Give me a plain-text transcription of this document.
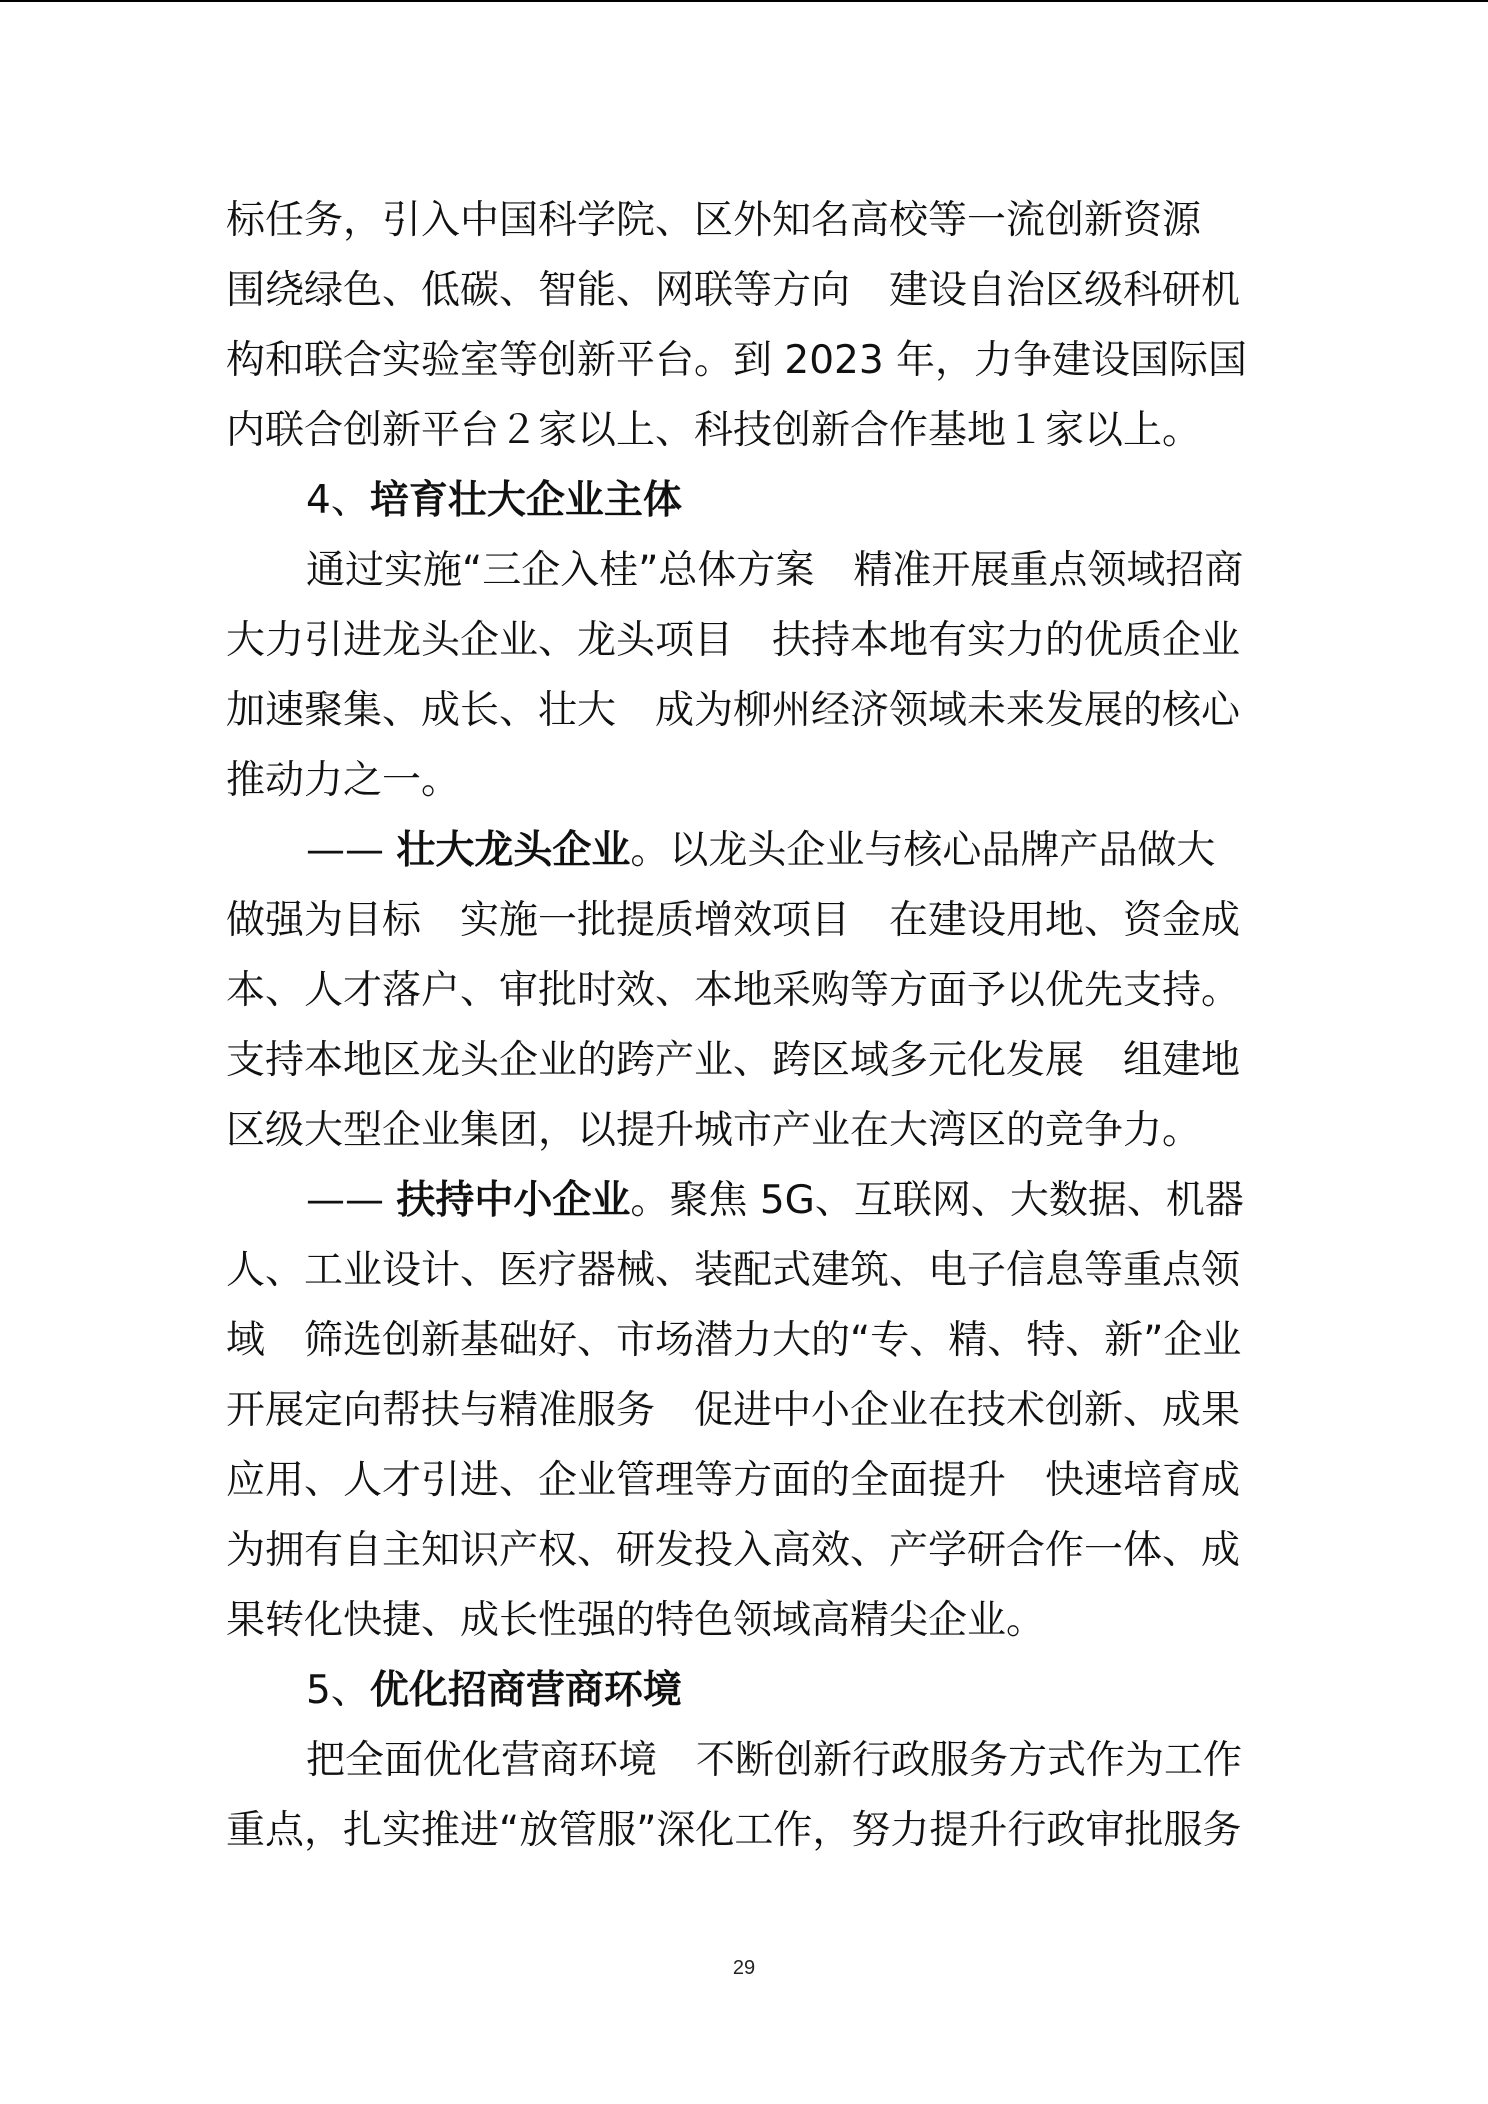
标任务，引入中国科学院、区外知名高校等一流创新资源
围绕绿色、低碳、智能、网联等方向　建设自治区级科研机
构和联合实验室等创新平台。到 2023 年，力争建设国际国
内联合创新平台２家以上、科技创新合作基地１家以上。
4、培育壮大企业主体
通过实施“三企入桂”总体方案　精准开展重点领域招商
大力引进龙头企业、龙头项目　扶持本地有实力的优质企业
加速聚集、成长、壮大　成为柳州经济领域未来发展的核心
推动力之一。
—— 壮大龙头企业。以龙头企业与核心品牌产品做大
做强为目标　实施一批提质增效项目　在建设用地、资金成
本、人才落户、审批时效、本地采购等方面予以优先支持。
支持本地区龙头企业的跨产业、跨区域多元化发展　组建地
区级大型企业集团，以提升城市产业在大湾区的竞争力。
—— 扶持中小企业。聚焦 5G、互联网、大数据、机器
人、工业设计、医疗器械、装配式建筑、电子信息等重点领
域　筛选创新基础好、市场潜力大的“专、精、特、新”企业
开展定向帮扶与精准服务　促进中小企业在技术创新、成果
应用、人才引进、企业管理等方面的全面提升　快速培育成
为拥有自主知识产权、研发投入高效、产学研合作一体、成
果转化快捷、成长性强的特色领域高精尖企业。
5、优化招商营商环境
把全面优化营商环境　不断创新行政服务方式作为工作
重点，扎实推进“放管服”深化工作，努力提升行政审批服务
29
